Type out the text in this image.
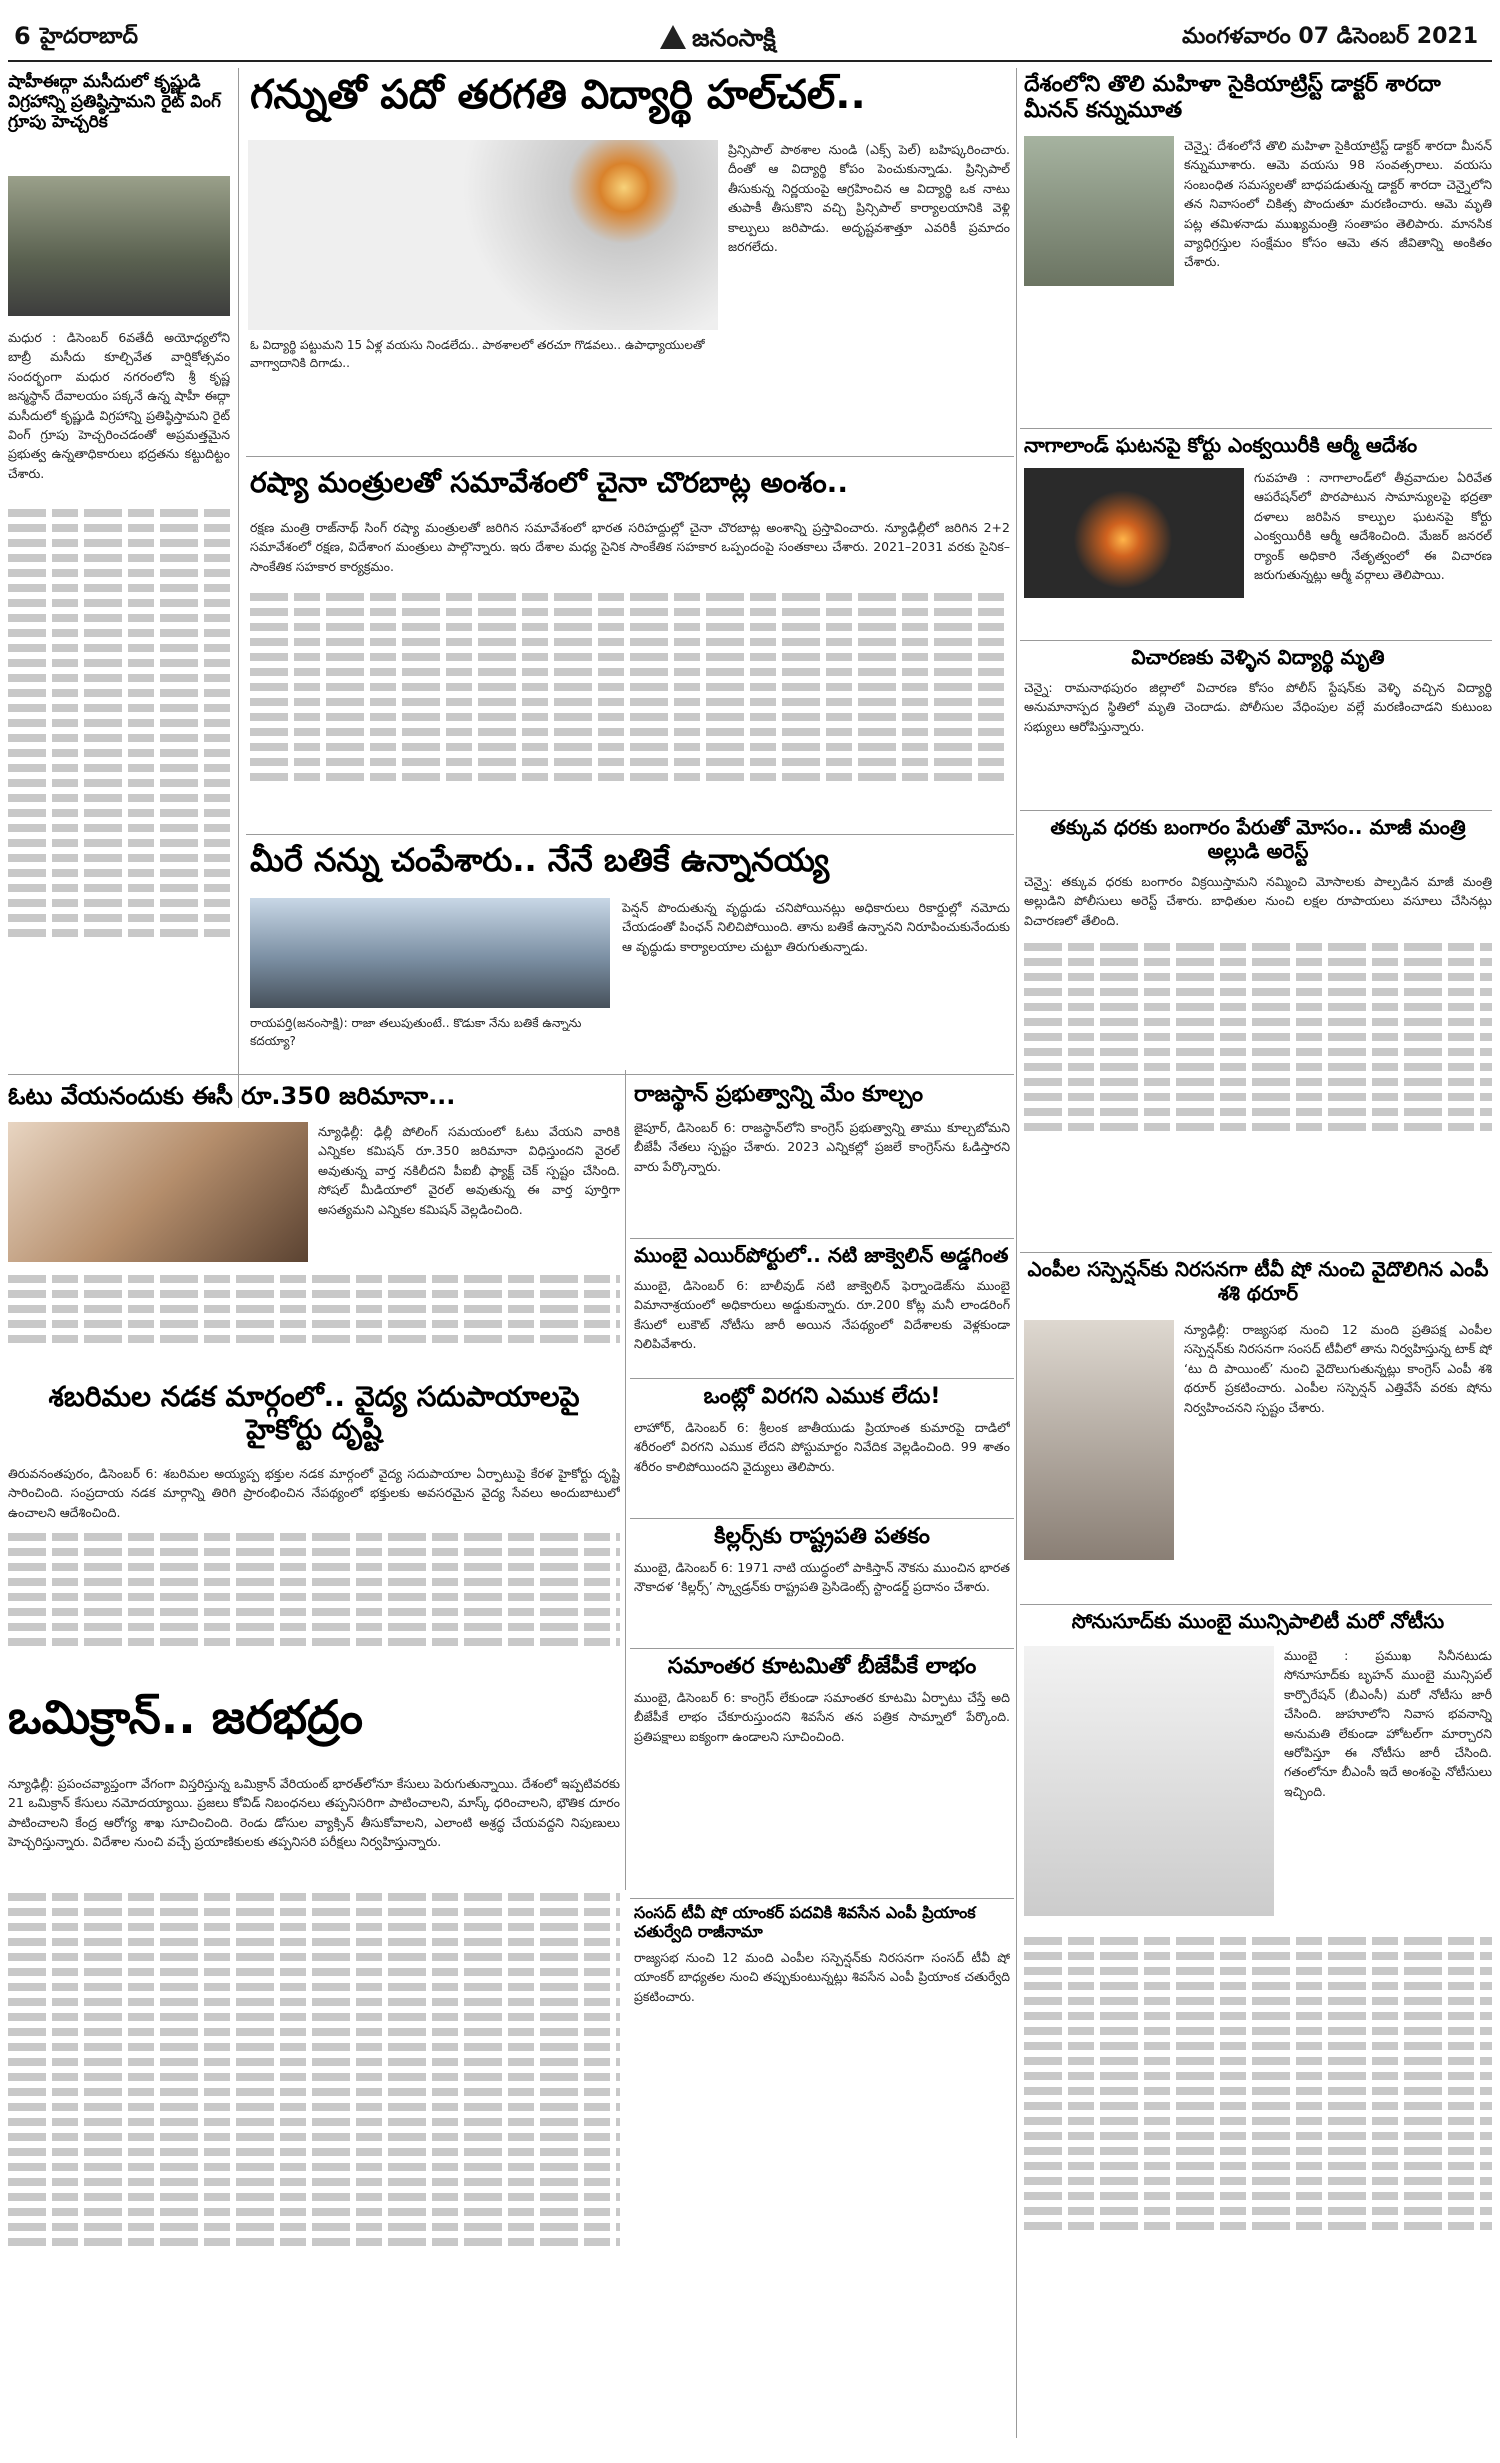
6 హైదరాబాద్	జనంసాక్షి	మంగళవారం 07 డిసెంబర్ 2021
షాహీఈద్గా మసీదులో కృష్ణుడి విగ్రహాన్ని ప్రతిష్ఠిస్తామని రైట్ వింగ్ గ్రూపు హెచ్చరిక
మధుర : డిసెంబర్ 6వతేదీ అయోధ్యలోని బాబ్రీ మసీదు కూల్చివేత వార్షికోత్సవం సందర్భంగా మధుర నగరంలోని శ్రీ కృష్ణ జన్మస్థాన్ దేవాలయం పక్కనే ఉన్న షాహీ ఈద్గా మసీదులో కృష్ణుడి విగ్రహాన్ని ప్రతిష్ఠిస్తామని రైట్ వింగ్ గ్రూపు హెచ్చరించడంతో అప్రమత్తమైన ప్రభుత్వ ఉన్నతాధికారులు భద్రతను కట్టుదిట్టం చేశారు.
గన్నుతో పదో తరగతి విద్యార్థి హల్‌చల్‌..
ఓ విద్యార్థి పట్టుమని 15 ఏళ్ల వయసు నిండలేదు.. పాఠశాలలో తరచూ గొడవలు.. ఉపాధ్యాయులతో వాగ్వాదానికి దిగాడు..
ప్రిన్సిపాల్ పాఠశాల నుండి (ఎక్స్ పెల్) బహిష్కరించారు. దీంతో ఆ విద్యార్థి కోపం పెంచుకున్నాడు. ప్రిన్సిపాల్ తీసుకున్న నిర్ణయంపై ఆగ్రహించిన ఆ విద్యార్థి ఒక నాటు తుపాకీ తీసుకొని వచ్చి ప్రిన్సిపాల్ కార్యాలయానికి వెళ్లి కాల్పులు జరిపాడు. అదృష్టవశాత్తూ ఎవరికీ ప్రమాదం జరగలేదు.
రష్యా మంత్రులతో సమావేశంలో చైనా చొరబాట్ల అంశం..
రక్షణ మంత్రి రాజ్‌నాథ్ సింగ్ రష్యా మంత్రులతో జరిగిన సమావేశంలో భారత సరిహద్దుల్లో చైనా చొరబాట్ల అంశాన్ని ప్రస్తావించారు. న్యూఢిల్లీలో జరిగిన 2+2 సమావేశంలో రక్షణ, విదేశాంగ మంత్రులు పాల్గొన్నారు. ఇరు దేశాల మధ్య సైనిక సాంకేతిక సహకార ఒప్పందంపై సంతకాలు చేశారు. 2021–2031 వరకు సైనిక–సాంకేతిక సహకార కార్యక్రమం.
మీరే నన్ను చంపేశారు.. నేనే బతికే ఉన్నానయ్య
రాయపర్తి(జనంసాక్షి): రాజా తలుపుతుంటే.. కొడుకా నేను బతికే ఉన్నాను కదయ్యా?
పెన్షన్ పొందుతున్న వృద్ధుడు చనిపోయినట్లు అధికారులు రికార్డుల్లో నమోదు చేయడంతో పింఛన్ నిలిచిపోయింది. తాను బతికే ఉన్నానని నిరూపించుకునేందుకు ఆ వృద్ధుడు కార్యాలయాల చుట్టూ తిరుగుతున్నాడు.
ఓటు వేయనందుకు ఈసీ రూ.350 జరిమానా...
న్యూఢిల్లీ: ఢిల్లీ పోలింగ్ సమయంలో ఓటు వేయని వారికి ఎన్నికల కమిషన్ రూ.350 జరిమానా విధిస్తుందని వైరల్ అవుతున్న వార్త నకిలీదని పీఐబీ ఫ్యాక్ట్ చెక్ స్పష్టం చేసింది. సోషల్ మీడియాలో వైరల్ అవుతున్న ఈ వార్త పూర్తిగా అసత్యమని ఎన్నికల కమిషన్ వెల్లడించింది.
శబరిమల నడక మార్గంలో.. వైద్య సదుపాయాలపై హైకోర్టు దృష్టి
తిరువనంతపురం, డిసెంబర్ 6: శబరిమల అయ్యప్ప భక్తుల నడక మార్గంలో వైద్య సదుపాయాల ఏర్పాటుపై కేరళ హైకోర్టు దృష్టి సారించింది. సంప్రదాయ నడక మార్గాన్ని తిరిగి ప్రారంభించిన నేపథ్యంలో భక్తులకు అవసరమైన వైద్య సేవలు అందుబాటులో ఉంచాలని ఆదేశించింది.
ఒమిక్రాన్‌.. జరభద్రం
న్యూఢిల్లీ: ప్రపంచవ్యాప్తంగా వేగంగా విస్తరిస్తున్న ఒమిక్రాన్ వేరియంట్ భారత్‌లోనూ కేసులు పెరుగుతున్నాయి. దేశంలో ఇప్పటివరకు 21 ఒమిక్రాన్ కేసులు నమోదయ్యాయి. ప్రజలు కోవిడ్ నిబంధనలు తప్పనిసరిగా పాటించాలని, మాస్క్ ధరించాలని, భౌతిక దూరం పాటించాలని కేంద్ర ఆరోగ్య శాఖ సూచించింది. రెండు డోసుల వ్యాక్సిన్ తీసుకోవాలని, ఎలాంటి అశ్రద్ధ చేయవద్దని నిపుణులు హెచ్చరిస్తున్నారు. విదేశాల నుంచి వచ్చే ప్రయాణికులకు తప్పనిసరి పరీక్షలు నిర్వహిస్తున్నారు.
రాజస్థాన్ ప్రభుత్వాన్ని మేం కూల్చం
జైపూర్, డిసెంబర్ 6: రాజస్థాన్‌లోని కాంగ్రెస్ ప్రభుత్వాన్ని తాము కూల్చబోమని బీజేపీ నేతలు స్పష్టం చేశారు. 2023 ఎన్నికల్లో ప్రజలే కాంగ్రెస్‌ను ఓడిస్తారని వారు పేర్కొన్నారు.
ముంబై ఎయిర్‌పోర్టులో.. నటి జాక్వెలిన్ అడ్డగింత
ముంబై, డిసెంబర్ 6: బాలీవుడ్ నటి జాక్వెలిన్ ఫెర్నాండెజ్‌ను ముంబై విమానాశ్రయంలో అధికారులు అడ్డుకున్నారు. రూ.200 కోట్ల మనీ లాండరింగ్ కేసులో లుకౌట్ నోటీసు జారీ అయిన నేపథ్యంలో విదేశాలకు వెళ్లకుండా నిలిపివేశారు.
ఒంట్లో విరగని ఎముక లేదు!
లాహోర్, డిసెంబర్ 6: శ్రీలంక జాతీయుడు ప్రియాంత కుమారపై దాడిలో శరీరంలో విరగని ఎముక లేదని పోస్టుమార్టం నివేదిక వెల్లడించింది. 99 శాతం శరీరం కాలిపోయిందని వైద్యులు తెలిపారు.
కిల్లర్స్‌కు రాష్ట్రపతి పతకం
ముంబై, డిసెంబర్ 6: 1971 నాటి యుద్ధంలో పాకిస్తాన్ నౌకను ముంచిన భారత నౌకాదళ ‘కిల్లర్స్’ స్క్వాడ్రన్‌కు రాష్ట్రపతి ప్రెసిడెంట్స్ స్టాండర్డ్ ప్రదానం చేశారు.
సమాంతర కూటమితో బీజేపీకే లాభం
ముంబై, డిసెంబర్ 6: కాంగ్రెస్ లేకుండా సమాంతర కూటమి ఏర్పాటు చేస్తే అది బీజేపీకే లాభం చేకూరుస్తుందని శివసేన తన పత్రిక సామ్నాలో పేర్కొంది. ప్రతిపక్షాలు ఐక్యంగా ఉండాలని సూచించింది.
సంసద్ టీవీ షో యాంకర్ పదవికి శివసేన ఎంపీ ప్రియాంక చతుర్వేది రాజీనామా
రాజ్యసభ నుంచి 12 మంది ఎంపీల సస్పెన్షన్‌కు నిరసనగా సంసద్ టీవీ షో యాంకర్ బాధ్యతల నుంచి తప్పుకుంటున్నట్లు శివసేన ఎంపీ ప్రియాంక చతుర్వేది ప్రకటించారు.
దేశంలోని తొలి మహిళా సైకియాట్రిస్ట్ డాక్టర్‌ శారదా మీనన్ కన్నుమూత
చెన్నై: దేశంలోనే తొలి మహిళా సైకియాట్రిస్ట్ డాక్టర్ శారదా మీనన్ కన్నుమూశారు. ఆమె వయసు 98 సంవత్సరాలు. వయసు సంబంధిత సమస్యలతో బాధపడుతున్న డాక్టర్ శారదా చెన్నైలోని తన నివాసంలో చికిత్స పొందుతూ మరణించారు. ఆమె మృతి పట్ల తమిళనాడు ముఖ్యమంత్రి సంతాపం తెలిపారు. మానసిక వ్యాధిగ్రస్తుల సంక్షేమం కోసం ఆమె తన జీవితాన్ని అంకితం చేశారు.
నాగాలాండ్ ఘటనపై కోర్టు ఎంక్వయిరీకి ఆర్మీ ఆదేశం
గువహతి : నాగాలాండ్‌లో తీవ్రవాదుల ఏరివేత ఆపరేషన్‌లో పొరపాటున సామాన్యులపై భద్రతా దళాలు జరిపిన కాల్పుల ఘటనపై కోర్టు ఎంక్వయిరీకి ఆర్మీ ఆదేశించింది. మేజర్ జనరల్ ర్యాంక్ అధికారి నేతృత్వంలో ఈ విచారణ జరుగుతున్నట్లు ఆర్మీ వర్గాలు తెలిపాయి.
విచారణకు వెళ్ళిన విద్యార్థి మృతి
చెన్నై: రామనాథపురం జిల్లాలో విచారణ కోసం పోలీస్ స్టేషన్‌కు వెళ్ళి వచ్చిన విద్యార్థి అనుమానాస్పద స్థితిలో మృతి చెందాడు. పోలీసుల వేధింపుల వల్లే మరణించాడని కుటుంబ సభ్యులు ఆరోపిస్తున్నారు.
తక్కువ ధరకు బంగారం పేరుతో మోసం.. మాజీ మంత్రి అల్లుడి అరెస్ట్
చెన్నై: తక్కువ ధరకు బంగారం విక్రయిస్తామని నమ్మించి మోసాలకు పాల్పడిన మాజీ మంత్రి అల్లుడిని పోలీసులు అరెస్ట్ చేశారు. బాధితుల నుంచి లక్షల రూపాయలు వసూలు చేసినట్లు విచారణలో తేలింది.
ఎంపీల సస్పెన్షన్‌కు నిరసనగా టీవీ షో నుంచి వైదొలిగిన ఎంపీ శశి థరూర్
న్యూఢిల్లీ: రాజ్యసభ నుంచి 12 మంది ప్రతిపక్ష ఎంపీల సస్పెన్షన్‌కు నిరసనగా సంసద్ టీవీలో తాను నిర్వహిస్తున్న టాక్ షో ‘టు ది పాయింట్’ నుంచి వైదొలుగుతున్నట్లు కాంగ్రెస్ ఎంపీ శశి థరూర్ ప్రకటించారు. ఎంపీల సస్పెన్షన్ ఎత్తివేసే వరకు షోను నిర్వహించనని స్పష్టం చేశారు.
సోనుసూద్‌కు ముంబై మున్సిపాలిటీ మరో నోటీసు
ముంబై : ప్రముఖ సినీనటుడు సోనూసూద్‌కు బృహన్ ముంబై మున్సిపల్ కార్పొరేషన్ (బీఎంసీ) మరో నోటీసు జారీ చేసింది. జుహూలోని నివాస భవనాన్ని అనుమతి లేకుండా హోటల్‌గా మార్చారని ఆరోపిస్తూ ఈ నోటీసు జారీ చేసింది. గతంలోనూ బీఎంసీ ఇదే అంశంపై నోటీసులు ఇచ్చింది.
